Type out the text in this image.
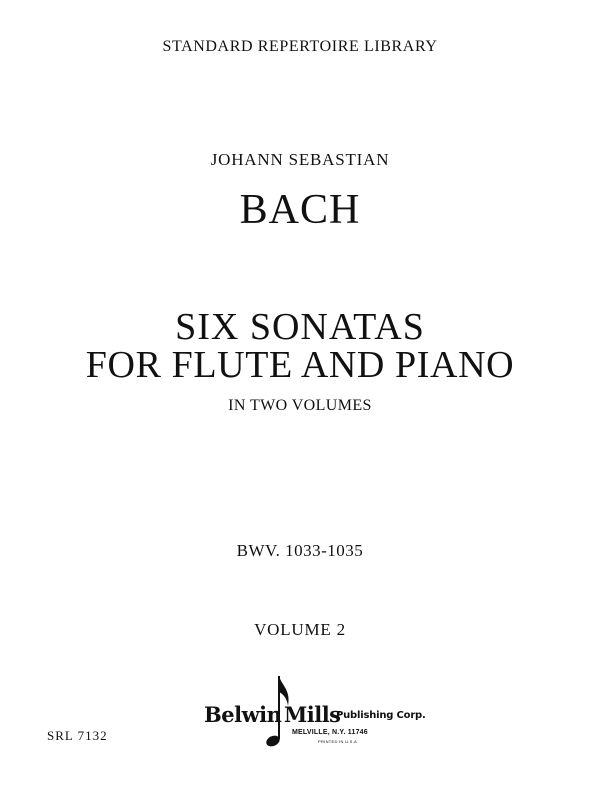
STANDARD REPERTOIRE LIBRARY
JOHANN SEBASTIAN
BACH
SIX SONATAS
FOR FLUTE AND PIANO
IN TWO VOLUMES
BWV. 1033-1035
VOLUME 2
SRL 7132
Belwin Mills
Publishing Corp.
MELVILLE, N.Y. 11746
PRINTED IN U.S.A.
